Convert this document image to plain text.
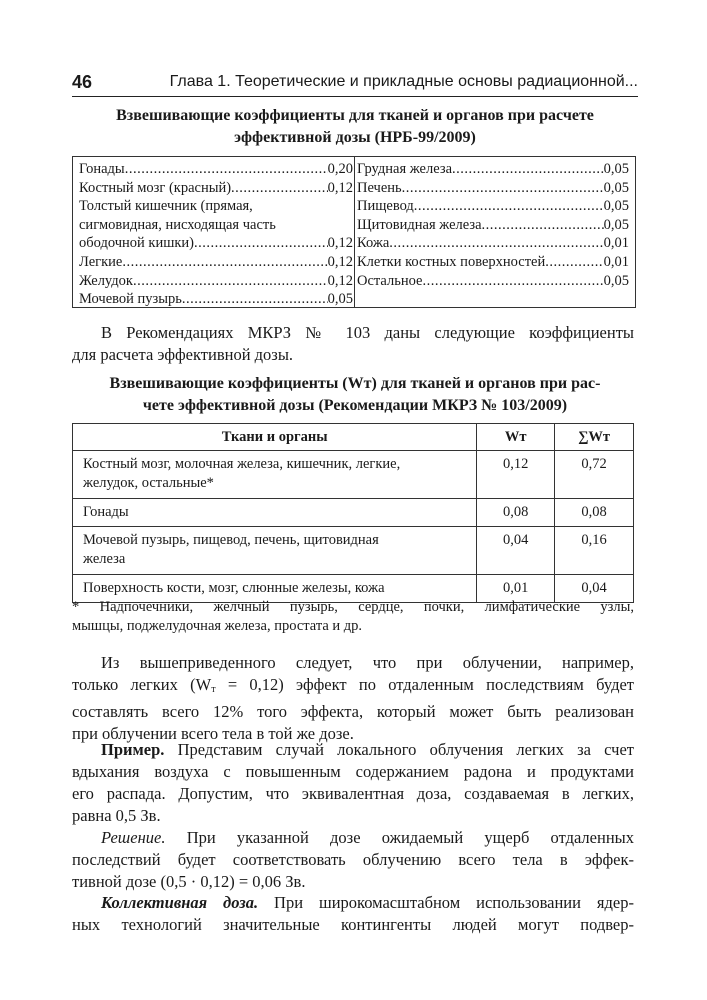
46	Глава 1. Теоретические и прикладные основы радиационной...
Взвешивающие коэффициенты для тканей и органов при расчете
эффективной дозы (НРБ-99/2009)
Гонады .....	0,20
Костный мозг (красный) .....	0,12
Толстый кишечник (прямая,
сигмовидная, нисходящая часть
ободочной кишки) .....	0,12
Легкие .....	0,12
Желудок .....	0,12
Мочевой пузырь .....	0,05
Грудная железа .....	0,05
Печень .....	0,05
Пищевод .....	0,05
Щитовидная железа .....	0,05
Кожа .....	0,01
Клетки костных поверхностей .....	0,01
Остальное .....	0,05
В Рекомендациях МКРЗ № 103 даны следующие коэффициенты
для расчета эффективной дозы.
Взвешивающие коэффициенты (Wт) для тканей и органов при рас-
чете эффективной дозы (Рекомендации МКРЗ № 103/2009)
Ткани и органы	Wт	∑Wт

Костный мозг, молочная железа, кишечник, легкие,
желудок, остальные*	0,12	0,72

Гонады	0,08	0,08

Мочевой пузырь, пищевод, печень, щитовидная
железа	0,04	0,16

Поверхность кости, мозг, слюнные железы, кожа	0,01	0,04
* Надпочечники, желчный пузырь, сердце, почки, лимфатические узлы,
мышцы, поджелудочная железа, простата и др.
Из вышеприведенного следует, что при облучении, например,
только легких $(W_т = 0,12)$ эффект по отдаленным последствиям будет
составлять всего 12% того эффекта, который может быть реализован
при облучении всего тела в той же дозе.
Пример. Представим случай локального облучения легких за счет
вдыхания воздуха с повышенным содержанием радона и продуктами
его распада. Допустим, что эквивалентная доза, создаваемая в легких,
равна 0,5 Зв.
Решение. При указанной дозе ожидаемый ущерб отдаленных
последствий будет соответствовать облучению всего тела в эффек-
тивной дозе (0,5 · 0,12) = 0,06 Зв.
Коллективная доза. При широкомасштабном использовании ядер-
ных технологий значительные контингенты людей могут подвер-
